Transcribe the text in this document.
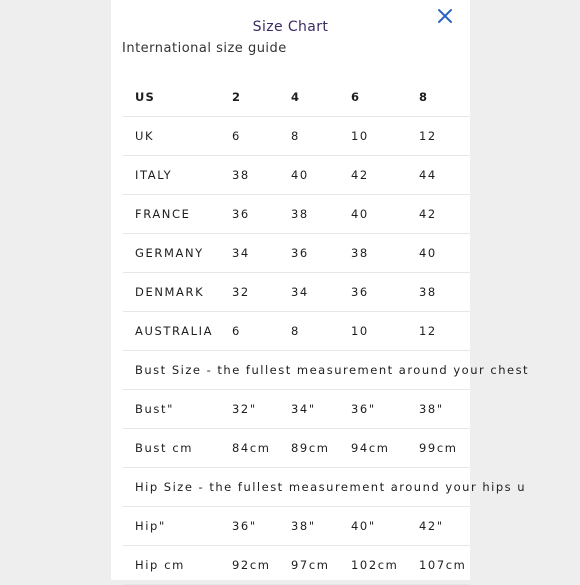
Size Chart
International size guide
US	2	4	6	8
UK	6	8	10	12
ITALY	38	40	42	44
FRANCE	36	38	40	42
GERMANY 34	36	38	40
DENMARK 32	34	36	38
AUSTRALIA 6	8	10	12
Bust Size - the fullest measurement around your chest
Bust"	32"	34"	36"	38"
Bust cm	84cm 89cm 94cm	99cm
Hip Size - the fullest measurement around your hips u
Hip"	36"	38"	40"	42"
Hip cm	92cm 97cm 102cm 107cm
